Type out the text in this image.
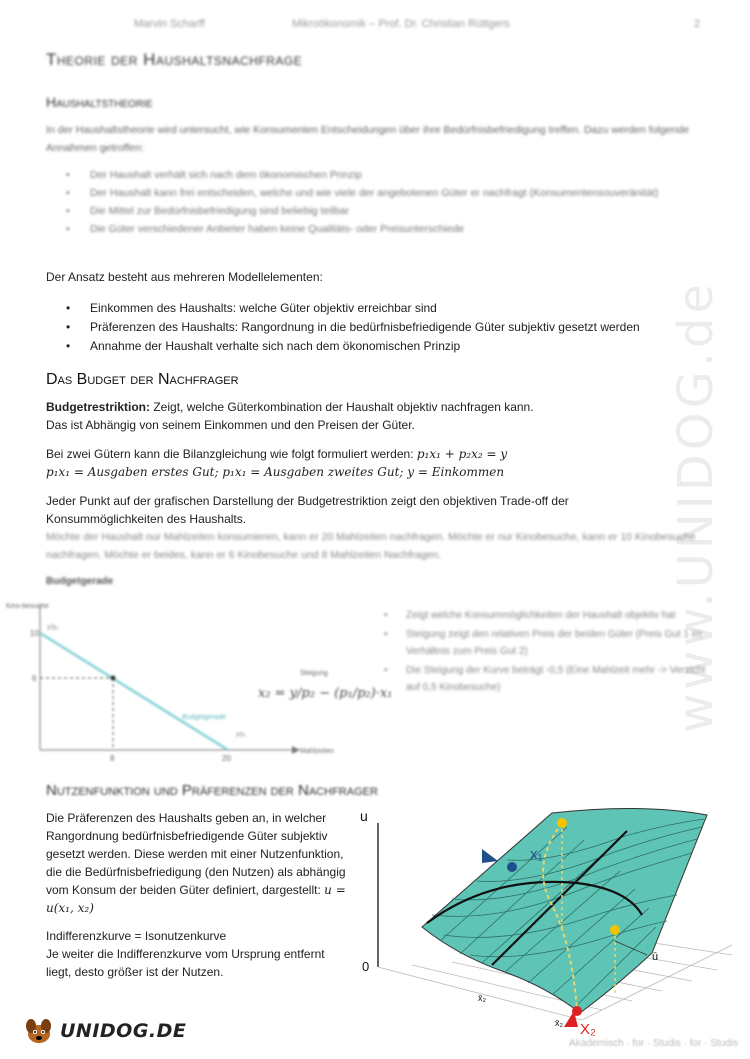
Marvin Scharff	Mikroökonomik – Prof. Dr. Christian Rüttgers	2
www.UNIDOG.de
Theorie der Haushaltsnachfrage
Haushaltstheorie

In der Haushaltstheorie wird untersucht, wie Konsumenten Entscheidungen über ihre Bedürfnisbefriedigung treffen. Dazu werden folgende Annahmen getroffen:

• Der Haushalt verhält sich nach dem ökonomischen Prinzip
• Der Haushalt kann frei entscheiden, welche und wie viele der angebotenen Güter er nachfragt (Konsumentensouveränität)
• Die Mittel zur Bedürfnisbefriedigung sind beliebig teilbar
• Die Güter verschiedener Anbieter haben keine Qualitäts- oder Preisunterschiede

Der Ansatz besteht aus mehreren Modellelementen:

• Einkommen des Haushalts: welche Güter objektiv erreichbar sind
• Präferenzen des Haushalts: Rangordnung in die bedürfnisbefriedigende Güter subjektiv gesetzt werden
• Annahme der Haushalt verhalte sich nach dem ökonomischen Prinzip
Das Budget der Nachfrager

Budgetrestriktion: Zeigt, welche Güterkombination der Haushalt objektiv nachfragen kann.
Das ist Abhängig von seinem Einkommen und den Preisen der Güter.

Bei zwei Gütern kann die Bilanzgleichung wie folgt formuliert werden: p₁x₁ + p₂x₂ = y
p₁x₁ = Ausgaben erstes Gut; p₁x₁ = Ausgaben zweites Gut; y = Einkommen

Jeder Punkt auf der grafischen Darstellung der Budgetrestriktion zeigt den objektiven Trade-off der
Konsummöglichkeiten des Haushalts.

Möchte der Haushalt nur Mahlzeiten konsumieren, kann er 20 Mahlzeiten nachfragen. Möchte er nur Kinobesuche, kann er 10 Kinobesuche nachfragen. Möchte er beides, kann er 6 Kinobesuche und 8 Mahlzeiten Nachfragen.

Budgetgerade
Kino-besuche
10
6
y/p₂
8	20
y/p₁
Mahlzeiten
Budgetgerade
Steigung
x₂ = y/p₂ − (p₁/p₂)·x₁
• Zeigt welche Konsummöglichkeiten der Haushalt objektiv hat
• Steigung zeigt den relativen Preis der beiden Güter (Preis Gut 1 im Verhältnis zum Preis Gut 2)
• Die Steigung der Kurve beträgt -0,5 (Eine Mahlzeit mehr -> Verzicht auf 0,5 Kinobesuche)
Nutzenfunktion und Präferenzen der Nachfrager

Die Präferenzen des Haushalts geben an, in welcher Rangordnung bedürfnisbefriedigende Güter subjektiv gesetzt werden. Diese werden mit einer Nutzenfunktion, die die Bedürfnisbefriedigung (den Nutzen) als abhängig vom Konsum der beiden Güter definiert, dargestellt: u = u(x₁, x₂)

Indifferenzkurve = Isonutzenkurve

Je weiter die Indifferenzkurve vom Ursprung entfernt liegt, desto größer ist der Nutzen.

u
0
x₁
X₂
x̄₂
x̄₂
ū
UNIDOG.DE
Akademisch · for · Studis · for · Studis
